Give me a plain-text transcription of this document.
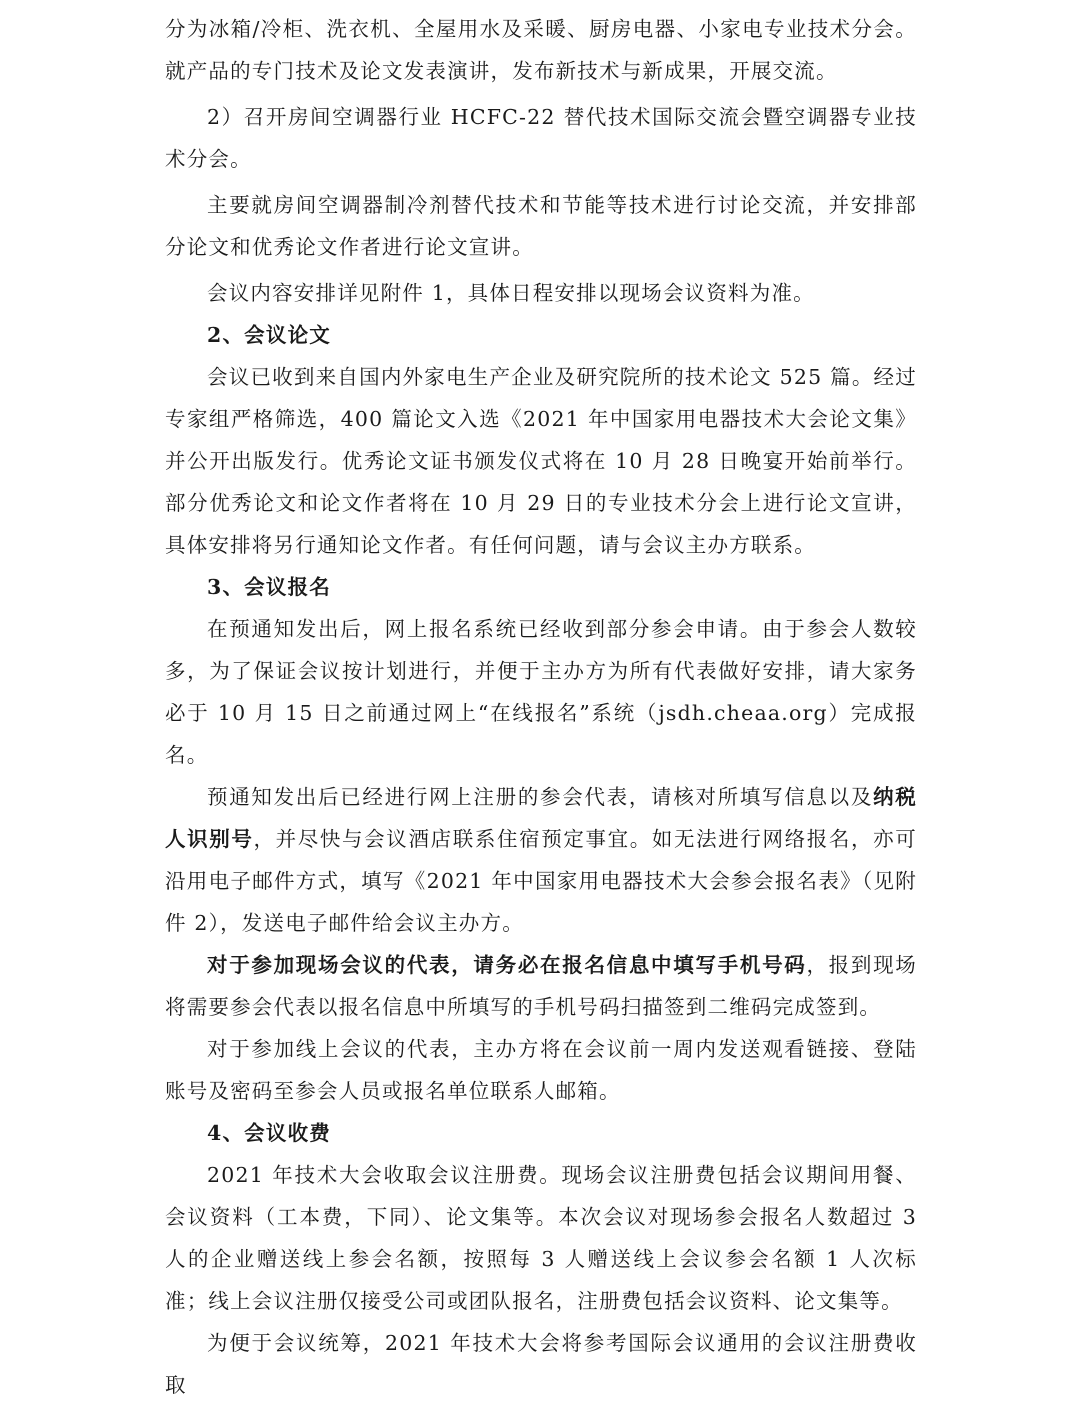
分为冰箱/冷柜、洗衣机、全屋用水及采暖、厨房电器、小家电专业技术分会。就产品的专门技术及论文发表演讲，发布新技术与新成果，开展交流。

2）召开房间空调器行业 HCFC-22 替代技术国际交流会暨空调器专业技术分会。

主要就房间空调器制冷剂替代技术和节能等技术进行讨论交流，并安排部分论文和优秀论文作者进行论文宣讲。

会议内容安排详见附件 1，具体日程安排以现场会议资料为准。

2、会议论文

会议已收到来自国内外家电生产企业及研究院所的技术论文 525 篇。经过专家组严格筛选，400 篇论文入选《2021 年中国家用电器技术大会论文集》并公开出版发行。优秀论文证书颁发仪式将在 10 月 28 日晚宴开始前举行。部分优秀论文和论文作者将在 10 月 29 日的专业技术分会上进行论文宣讲，具体安排将另行通知论文作者。有任何问题，请与会议主办方联系。

3、会议报名

在预通知发出后，网上报名系统已经收到部分参会申请。由于参会人数较多，为了保证会议按计划进行，并便于主办方为所有代表做好安排，请大家务必于 10 月 15 日之前通过网上“在线报名”系统（jsdh.cheaa.org）完成报名。

预通知发出后已经进行网上注册的参会代表，请核对所填写信息以及纳税人识别号，并尽快与会议酒店联系住宿预定事宜。如无法进行网络报名，亦可沿用电子邮件方式，填写《2021 年中国家用电器技术大会参会报名表》（见附件 2），发送电子邮件给会议主办方。

对于参加现场会议的代表，请务必在报名信息中填写手机号码，报到现场将需要参会代表以报名信息中所填写的手机号码扫描签到二维码完成签到。

对于参加线上会议的代表，主办方将在会议前一周内发送观看链接、登陆账号及密码至参会人员或报名单位联系人邮箱。

4、会议收费

2021 年技术大会收取会议注册费。现场会议注册费包括会议期间用餐、会议资料（工本费，下同）、论文集等。本次会议对现场参会报名人数超过 3 人的企业赠送线上参会名额，按照每 3 人赠送线上会议参会名额 1 人次标准；线上会议注册仅接受公司或团队报名，注册费包括会议资料、论文集等。

为便于会议统筹，2021 年技术大会将参考国际会议通用的会议注册费收取
